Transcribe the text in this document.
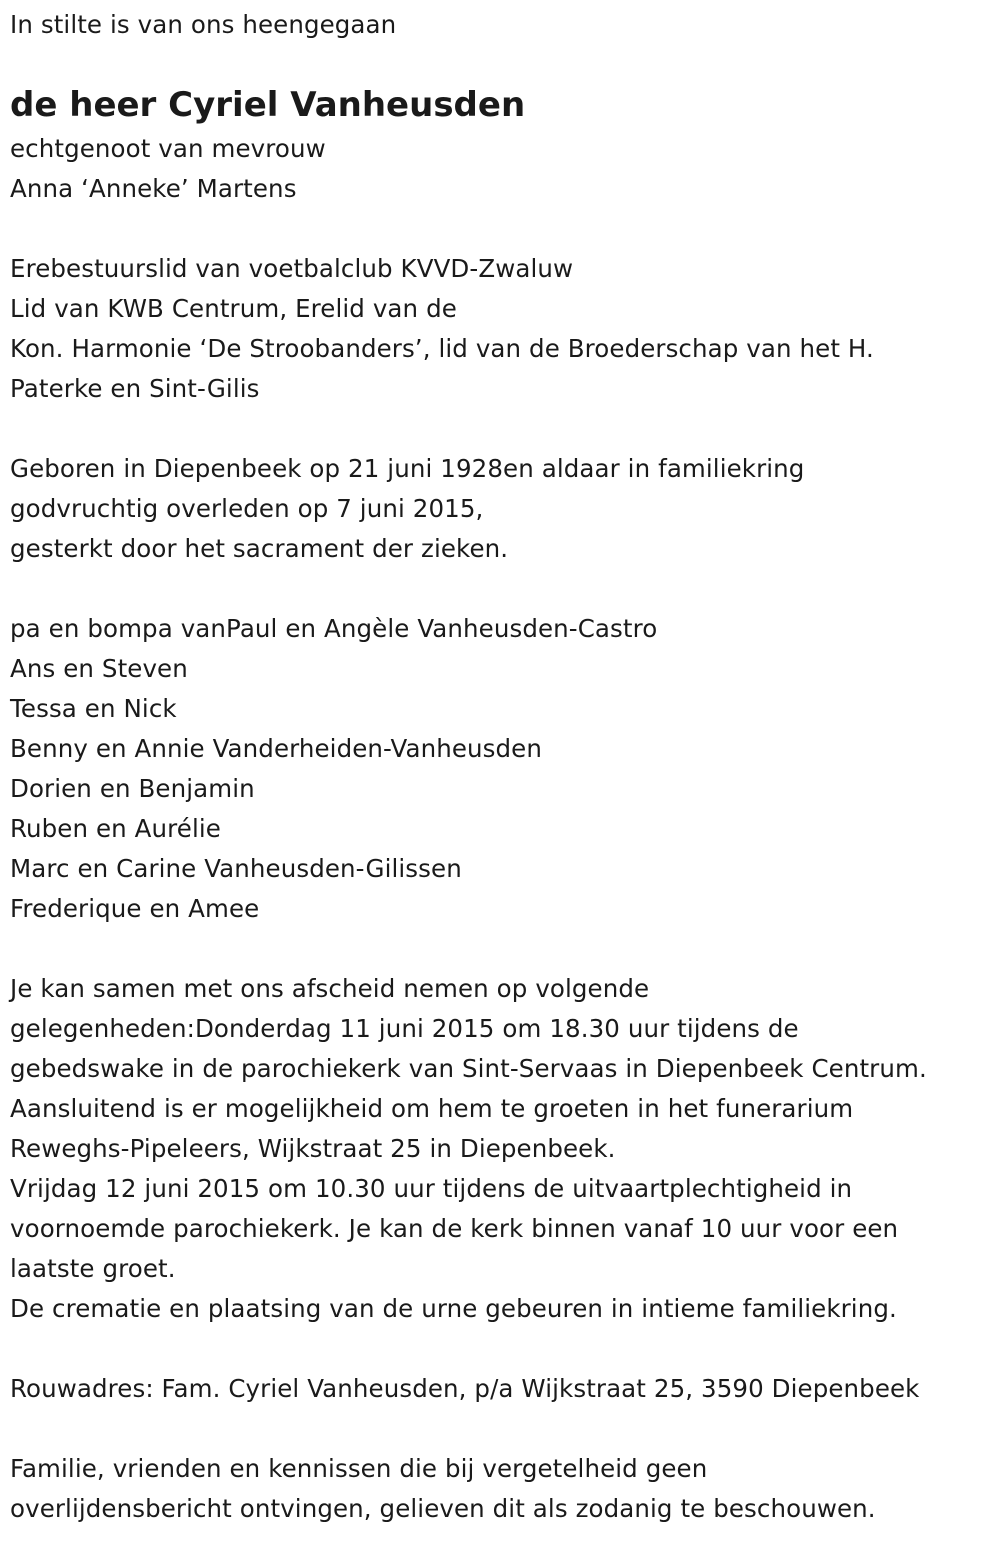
In stilte is van ons heengegaan
de heer Cyriel Vanheusden
echtgenoot van mevrouw
Anna ‘Anneke’ Martens
Erebestuurslid van voetbalclub KVVD-Zwaluw
Lid van KWB Centrum, Erelid van de
Kon. Harmonie ‘De Stroobanders’, lid van de Broederschap van het H.
Paterke en Sint-Gilis
Geboren in Diepenbeek op 21 juni 1928en aldaar in familiekring
godvruchtig overleden op 7 juni 2015,
gesterkt door het sacrament der zieken.
pa en bompa vanPaul en Angèle Vanheusden-Castro
Ans en Steven
Tessa en Nick
Benny en Annie Vanderheiden-Vanheusden
Dorien en Benjamin
Ruben en Aurélie
Marc en Carine Vanheusden-Gilissen
Frederique en Amee
Je kan samen met ons afscheid nemen op volgende
gelegenheden:Donderdag 11 juni 2015 om 18.30 uur tijdens de
gebedswake in de parochiekerk van Sint-Servaas in Diepenbeek Centrum.
Aansluitend is er mogelijkheid om hem te groeten in het funerarium
Reweghs-Pipeleers, Wijkstraat 25 in Diepenbeek.
Vrijdag 12 juni 2015 om 10.30 uur tijdens de uitvaartplechtigheid in
voornoemde parochiekerk. Je kan de kerk binnen vanaf 10 uur voor een
laatste groet.
De crematie en plaatsing van de urne gebeuren in intieme familiekring.
Rouwadres: Fam. Cyriel Vanheusden, p/a Wijkstraat 25, 3590 Diepenbeek
Familie, vrienden en kennissen die bij vergetelheid geen
overlijdensbericht ontvingen, gelieven dit als zodanig te beschouwen.
